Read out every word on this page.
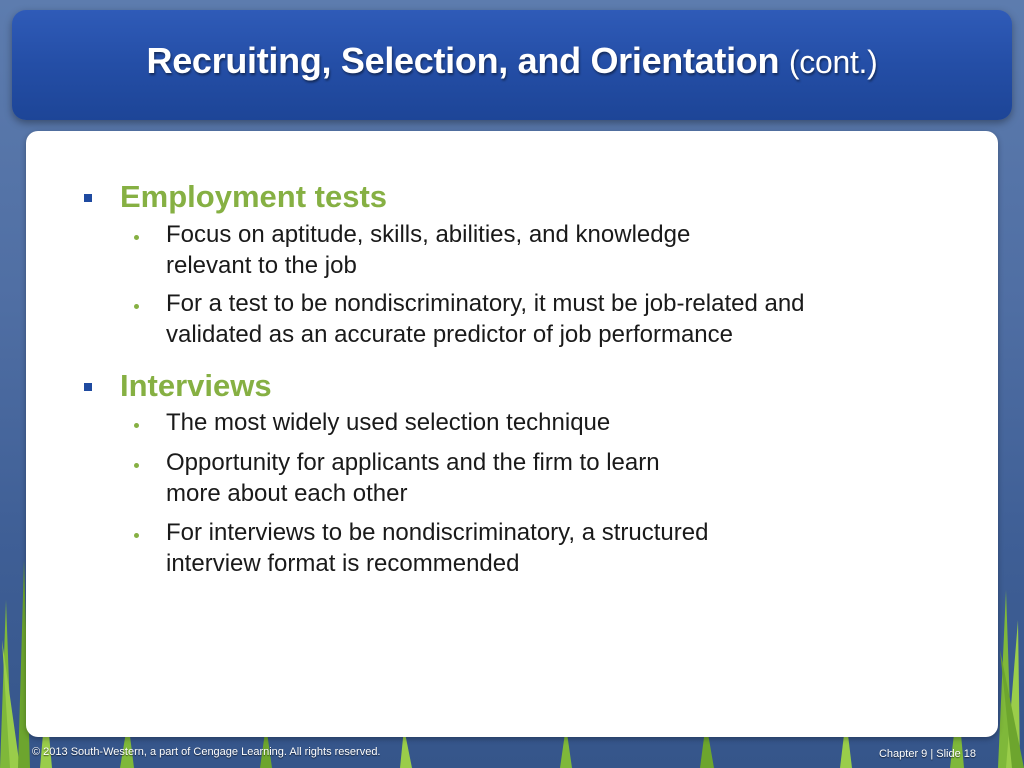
Recruiting, Selection, and Orientation (cont.)
Employment tests
Focus on aptitude, skills, abilities, and knowledge
relevant to the job
For a test to be nondiscriminatory, it must be job-related and
validated as an accurate predictor of job performance
Interviews
The most widely used selection technique
Opportunity for applicants and the firm to learn
more about each other
For interviews to be nondiscriminatory, a structured
interview format is recommended
© 2013 South-Western, a part of Cengage Learning. All rights reserved.	Chapter 9 | Slide 18
